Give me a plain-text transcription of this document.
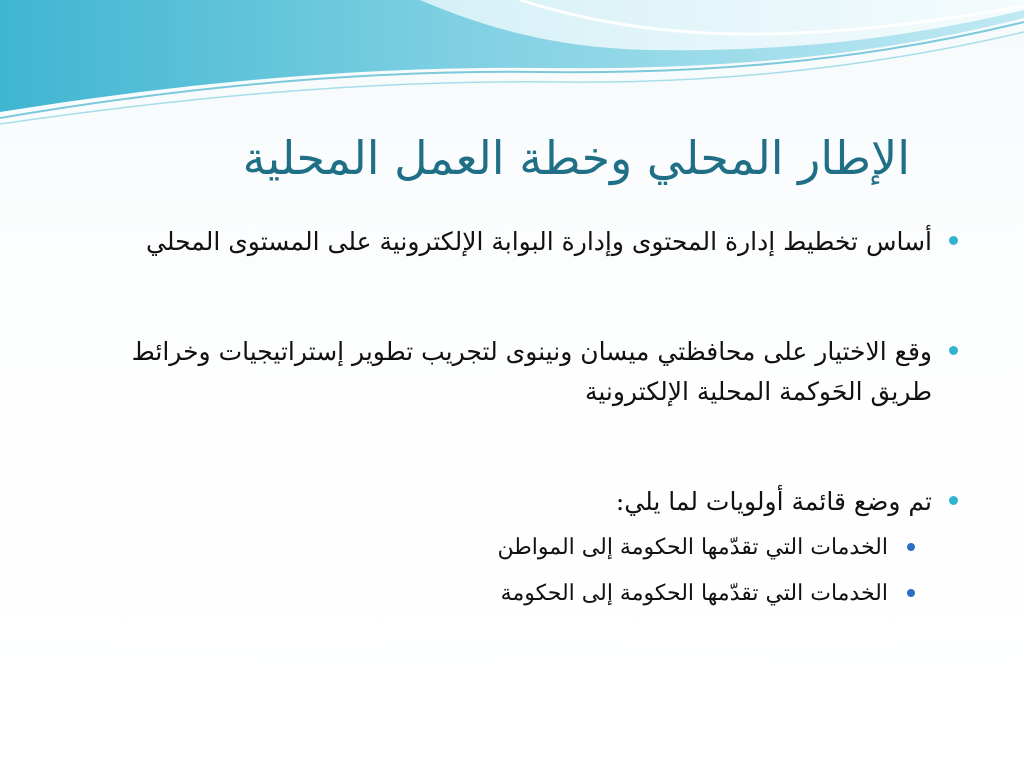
الإطار المحلي وخطة العمل المحلية
أساس تخطيط إدارة المحتوى وإدارة البوابة الإلكترونية على المستوى المحلي
وقع الاختيار على محافظتي ميسان ونينوى لتجريب تطوير إستراتيجيات وخرائط طريق الحَوكمة المحلية الإلكترونية
تم وضع قائمة أولويات لما يلي:
الخدمات التي تقدّمها الحكومة إلى المواطن
الخدمات التي تقدّمها الحكومة إلى الحكومة
